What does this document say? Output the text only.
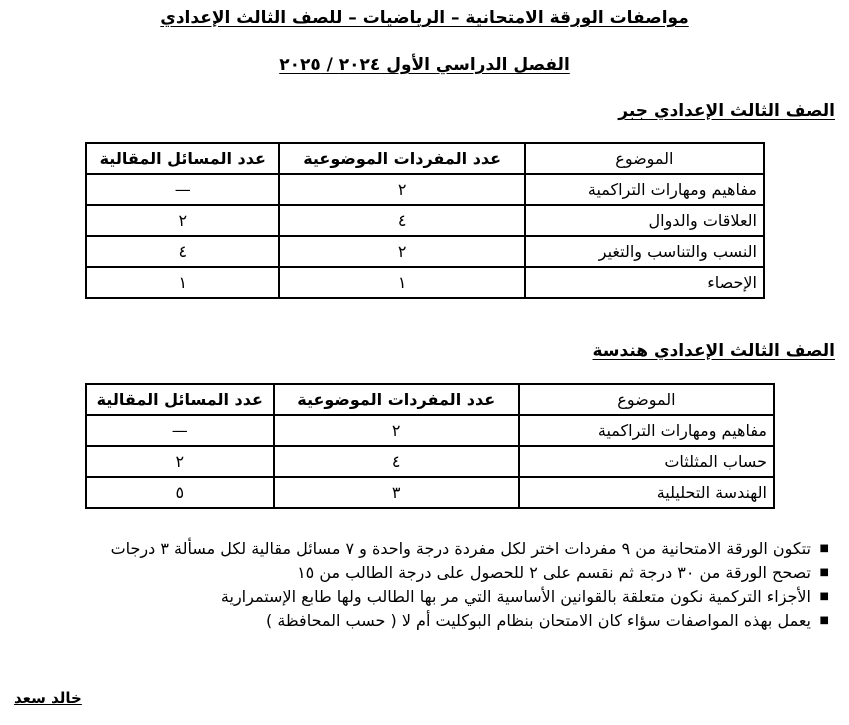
مواصفات الورقة الامتحانية – الرياضيات – للصف الثالث الإعدادي
الفصل الدراسي الأول ٢٠٢٤ / ٢٠٢٥
الصف الثالث الإعدادي جبر
الموضوع	عدد المفردات الموضوعية	عدد المسائل المقالية
مفاهيم ومهارات التراكمية	٢	—
العلاقات والدوال	٤	٢
النسب والتناسب والتغير	٢	٤
الإحصاء	١	١
الصف الثالث الإعدادي هندسة
الموضوع	عدد المفردات الموضوعية	عدد المسائل المقالية
مفاهيم ومهارات التراكمية	٢	—
حساب المثلثات	٤	٢
الهندسة التحليلية	٣	٥
■ تتكون الورقة الامتحانية من ٩ مفردات اختر لكل مفردة درجة واحدة و ٧ مسائل مقالية لكل مسألة ٣ درجات
■ تصحح الورقة من ٣٠ درجة ثم نقسم على ٢ للحصول على درجة الطالب من ١٥
■ الأجزاء التركمية نكون متعلقة بالقوانين الأساسية التي مر بها الطالب ولها طابع الإستمرارية
■ يعمل بهذه المواصفات سؤاء كان الامتحان بنظام البوكليت أم لا ( حسب المحافظة )
خالد سعد
